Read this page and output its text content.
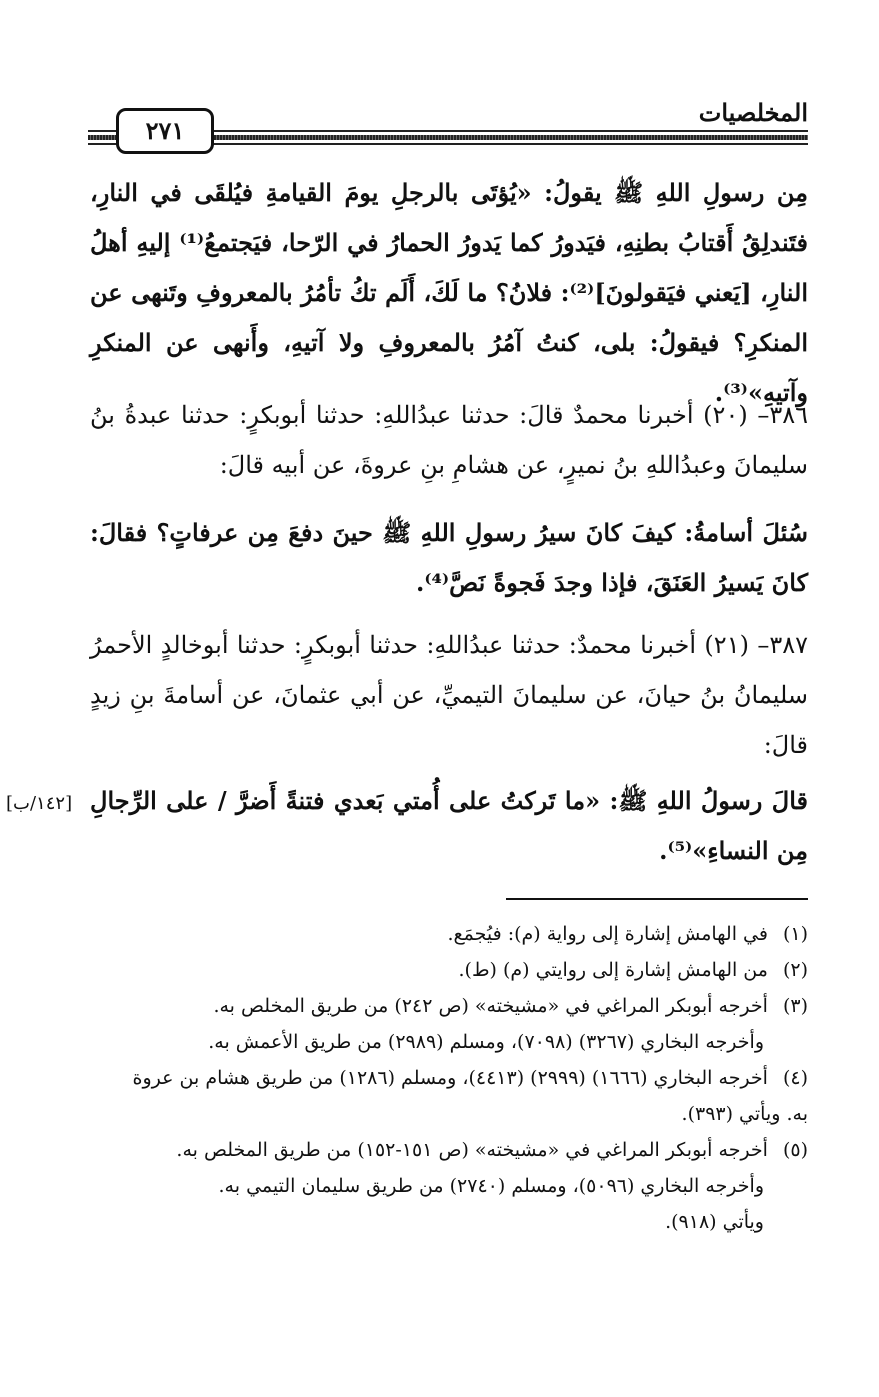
المخلصيات
٢٧١

مِن رسولِ اللهِ ﷺ يقولُ: «يُؤتَى بالرجلِ يومَ القيامةِ فيُلقَى في النارِ، فتَندلِقُ أَقتابُ بطنِهِ، فيَدورُ كما يَدورُ الحمارُ في الرّحا، فيَجتمعُ⁽¹⁾ إليهِ أهلُ النارِ، [يَعني فيَقولونَ]⁽²⁾: فلانُ؟ ما لَكَ، أَلَم تكُ تأمُرُ بالمعروفِ وتَنهى عن المنكرِ؟ فيقولُ: بلى، كنتُ آمُرُ بالمعروفِ ولا آتيهِ، وأَنهى عن المنكرِ وآتيهِ»⁽³⁾.

٣٨٦– (٢٠) أخبرنا محمدٌ قالَ: حدثنا عبدُاللهِ: حدثنا أبوبكرٍ: حدثنا عبدةُ بنُ سليمانَ وعبدُاللهِ بنُ نميرٍ، عن هشامِ بنِ عروةَ، عن أبيه قالَ:

سُئلَ أسامةُ: كيفَ كانَ سيرُ رسولِ اللهِ ﷺ حينَ دفعَ مِن عرفاتٍ؟ فقالَ: كانَ يَسيرُ العَنَقَ، فإذا وجدَ فَجوةً نَصَّ⁽⁴⁾.

٣٨٧– (٢١) أخبرنا محمدٌ: حدثنا عبدُاللهِ: حدثنا أبوبكرٍ: حدثنا أبوخالدٍ الأحمرُ سليمانُ بنُ حيانَ، عن سليمانَ التيميِّ، عن أبي عثمانَ، عن أسامةَ بنِ زيدٍ قالَ:

قالَ رسولُ اللهِ ﷺ: «ما تَركتُ على أُمتي بَعدي فتنةً أَضرَّ / على الرِّجالِ مِن النساءِ»⁽⁵⁾.

[١٤٢/ب]

(١) في الهامش إشارة إلى رواية (م): فيُجمَع.

(٢) من الهامش إشارة إلى روايتي (م) (ط).

(٣) أخرجه أبوبكر المراغي في «مشيخته» (ص ٢٤٢) من طريق المخلص به.

وأخرجه البخاري (٣٢٦٧) (٧٠٩٨)، ومسلم (٢٩٨٩) من طريق الأعمش به.

(٤) أخرجه البخاري (١٦٦٦) (٢٩٩٩) (٤٤١٣)، ومسلم (١٢٨٦) من طريق هشام بن عروة به. ويأتي (٣٩٣).

(٥) أخرجه أبوبكر المراغي في «مشيخته» (ص ١٥١-١٥٢) من طريق المخلص به.

وأخرجه البخاري (٥٠٩٦)، ومسلم (٢٧٤٠) من طريق سليمان التيمي به.

ويأتي (٩١٨).
